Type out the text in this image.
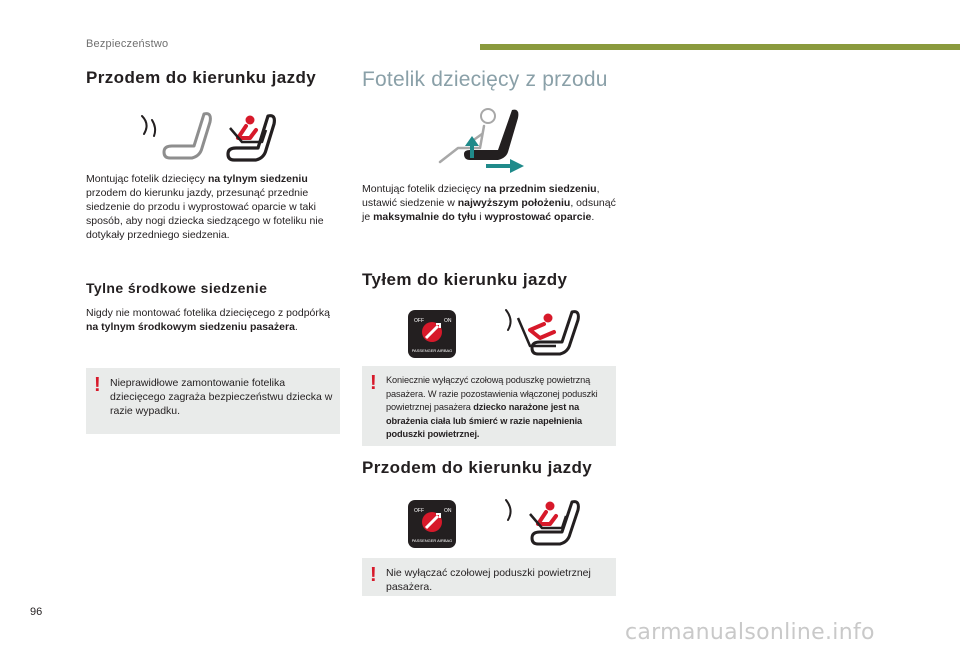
Bezpieczeństwo
Przodem do kierunku jazdy
Montując fotelik dziecięcy na tylnym siedzeniu przodem do kierunku jazdy, przesunąć przednie siedzenie do przodu i wyprostować oparcie w taki sposób, aby nogi dziecka siedzącego w foteliku nie dotykały przedniego siedzenia.
Tylne środkowe siedzenie
Nigdy nie montować fotelika dziecięcego z podpórką na tylnym środkowym siedzeniu pasażera.
! Nieprawidłowe zamontowanie fotelika dziecięcego zagraża bezpieczeństwu dziecka w razie wypadku.
Fotelik dziecięcy z przodu
Montując fotelik dziecięcy na przednim siedzeniu, ustawić siedzenie w najwyższym położeniu, odsunąć je maksymalnie do tyłu i wyprostować oparcie.
Tyłem do kierunku jazdy
OFF	ON
PASSENGER AIRBAG
! Koniecznie wyłączyć czołową poduszkę powietrzną pasażera. W razie pozostawienia włączonej poduszki powietrznej pasażera dziecko narażone jest na obrażenia ciała lub śmierć w razie napełnienia poduszki powietrznej.
Przodem do kierunku jazdy
OFF	ON
PASSENGER AIRBAG
! Nie wyłączać czołowej poduszki powietrznej pasażera.
96
carmanualsonline.info
